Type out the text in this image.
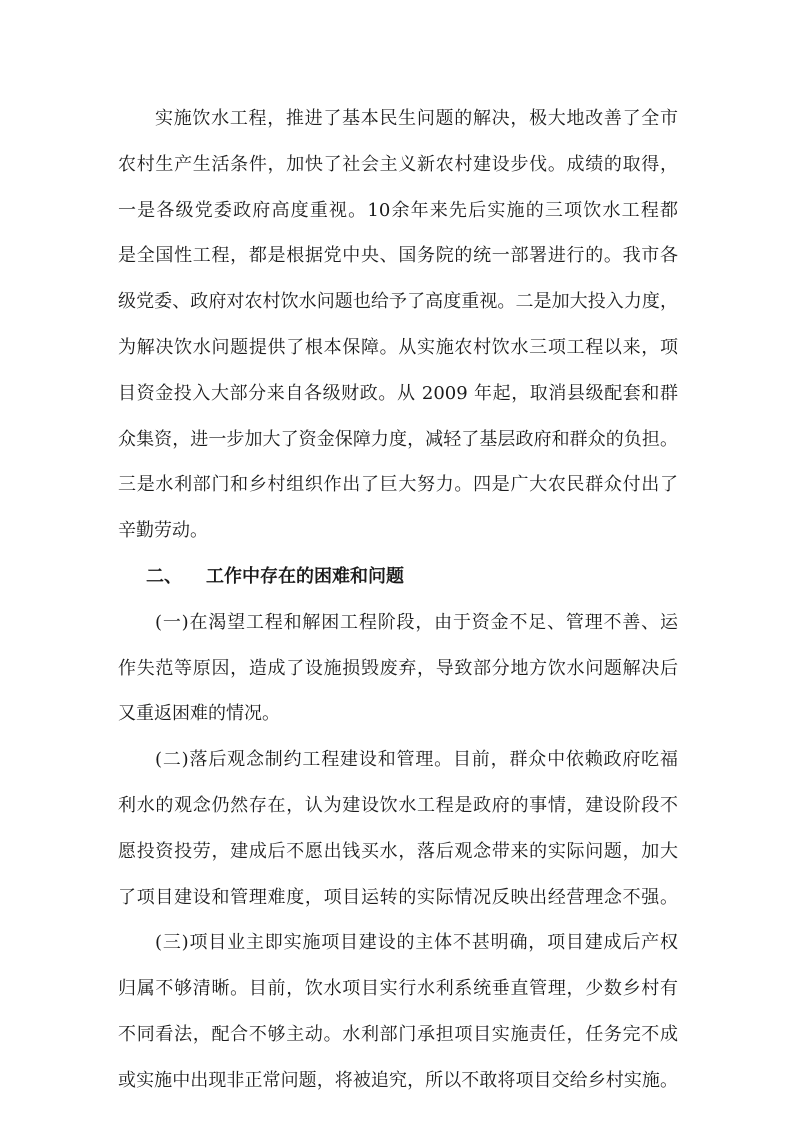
实施饮水工程，推进了基本民生问题的解决，极大地改善了全市
农村生产生活条件，加快了社会主义新农村建设步伐。成绩的取得，
一是各级党委政府高度重视。10余年来先后实施的三项饮水工程都
是全国性工程，都是根据党中央、国务院的统一部署进行的。我市各
级党委、政府对农村饮水问题也给予了高度重视。二是加大投入力度，
为解决饮水问题提供了根本保障。从实施农村饮水三项工程以来，项
目资金投入大部分来自各级财政。从 2009 年起，取消县级配套和群
众集资，进一步加大了资金保障力度，减轻了基层政府和群众的负担。
三是水利部门和乡村组织作出了巨大努力。四是广大农民群众付出了
辛勤劳动。
二、 工作中存在的困难和问题
(一)在渴望工程和解困工程阶段，由于资金不足、管理不善、运
作失范等原因，造成了设施损毁废弃，导致部分地方饮水问题解决后
又重返困难的情况。
(二)落后观念制约工程建设和管理。目前，群众中依赖政府吃福
利水的观念仍然存在，认为建设饮水工程是政府的事情，建设阶段不
愿投资投劳，建成后不愿出钱买水，落后观念带来的实际问题，加大
了项目建设和管理难度，项目运转的实际情况反映出经营理念不强。
(三)项目业主即实施项目建设的主体不甚明确，项目建成后产权
归属不够清晰。目前，饮水项目实行水利系统垂直管理，少数乡村有
不同看法，配合不够主动。水利部门承担项目实施责任，任务完不成
或实施中出现非正常问题，将被追究，所以不敢将项目交给乡村实施。
